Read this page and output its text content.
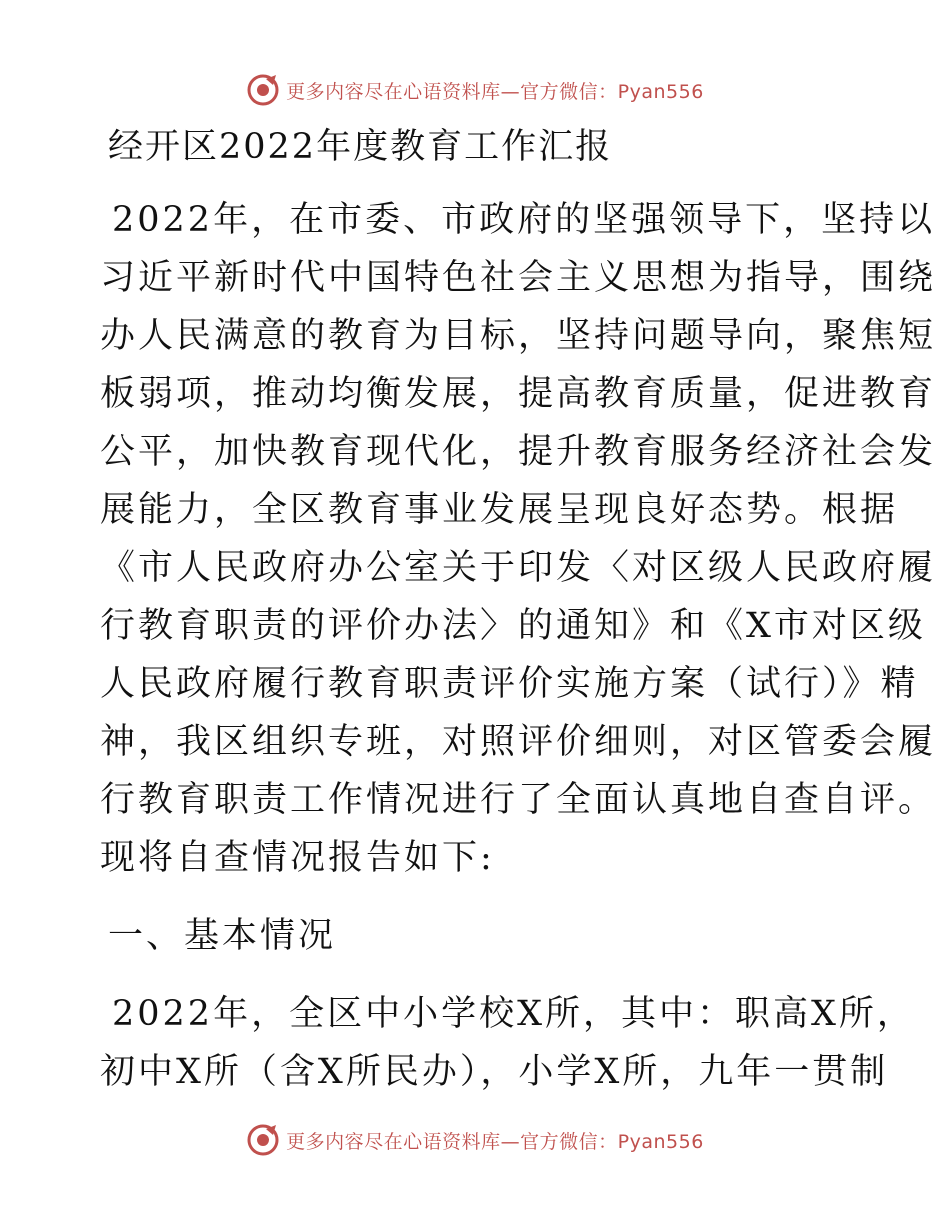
更多内容尽在心语资料库—官方微信：Pyan556
经开区2022年度教育工作汇报
2022年，在市委、市政府的坚强领导下，坚持以
习近平新时代中国特色社会主义思想为指导，围绕
办人民满意的教育为目标，坚持问题导向，聚焦短
板弱项，推动均衡发展，提高教育质量，促进教育
公平，加快教育现代化，提升教育服务经济社会发
展能力，全区教育事业发展呈现良好态势。根据
《市人民政府办公室关于印发〈对区级人民政府履
行教育职责的评价办法〉的通知》和《X市对区级
人民政府履行教育职责评价实施方案（试行）》精
神，我区组织专班，对照评价细则，对区管委会履
行教育职责工作情况进行了全面认真地自查自评。
现将自查情况报告如下:
一、基本情况
2022年，全区中小学校X所，其中：职高X所，
初中X所（含X所民办），小学X所，九年一贯制
更多内容尽在心语资料库—官方微信：Pyan556
